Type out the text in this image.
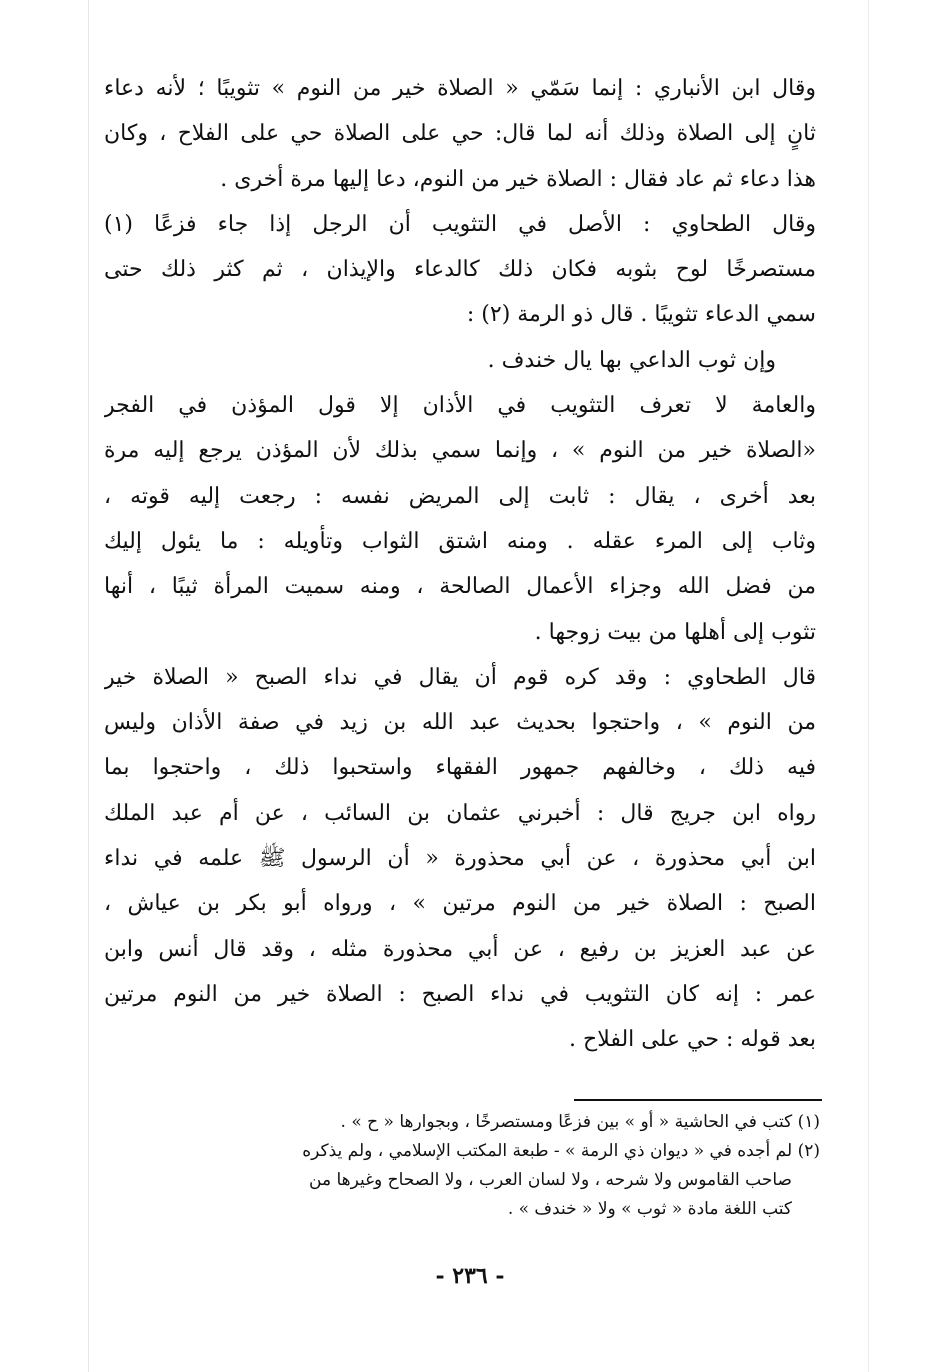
وقال ابن الأنباري : إنما سَمّي « الصلاة خير من النوم » تثويبًا ؛ لأنه دعاء
ثانٍ إلى الصلاة وذلك أنه لما قال: حي على الصلاة حي على الفلاح ، وكان
هذا دعاء ثم عاد فقال : الصلاة خير من النوم، دعا إليها مرة أخرى .

وقال الطحاوي : الأصل في التثويب أن الرجل إذا جاء فزعًا (١)
مستصرخًا لوح بثوبه فكان ذلك كالدعاء والإيذان ، ثم كثر ذلك حتى
سمي الدعاء تثويبًا . قال ذو الرمة (٢) :

وإن ثوب الداعي بها يال خندف .

والعامة لا تعرف التثويب في الأذان إلا قول المؤذن في الفجر
«الصلاة خير من النوم » ، وإنما سمي بذلك لأن المؤذن يرجع إليه مرة
بعد أخرى ، يقال : ثابت إلى المريض نفسه : رجعت إليه قوته ،
وثاب إلى المرء عقله . ومنه اشتق الثواب وتأويله : ما يئول إليك
من فضل الله وجزاء الأعمال الصالحة ، ومنه سميت المرأة ثيبًا ، أنها
تثوب إلى أهلها من بيت زوجها .

قال الطحاوي : وقد كره قوم أن يقال في نداء الصبح « الصلاة خير
من النوم » ، واحتجوا بحديث عبد الله بن زيد في صفة الأذان وليس
فيه ذلك ، وخالفهم جمهور الفقهاء واستحبوا ذلك ، واحتجوا بما
رواه ابن جريج قال : أخبرني عثمان بن السائب ، عن أم عبد الملك
ابن أبي محذورة ، عن أبي محذورة « أن الرسول ﷺ علمه في نداء
الصبح : الصلاة خير من النوم مرتين » ، ورواه أبو بكر بن عياش ،
عن عبد العزيز بن رفيع ، عن أبي محذورة مثله ، وقد قال أنس وابن
عمر : إنه كان التثويب في نداء الصبح : الصلاة خير من النوم مرتين
بعد قوله : حي على الفلاح .

(١) كتب في الحاشية « أو » بين فزعًا ومستصرخًا ، وبجوارها « ح » .

(٢) لم أجده في « ديوان ذي الرمة » - طبعة المكتب الإسلامي ، ولم يذكره
صاحب القاموس ولا شرحه ، ولا لسان العرب ، ولا الصحاح وغيرها من
كتب اللغة مادة « ثوب » ولا « خندف » .

- ٢٣٦ -
